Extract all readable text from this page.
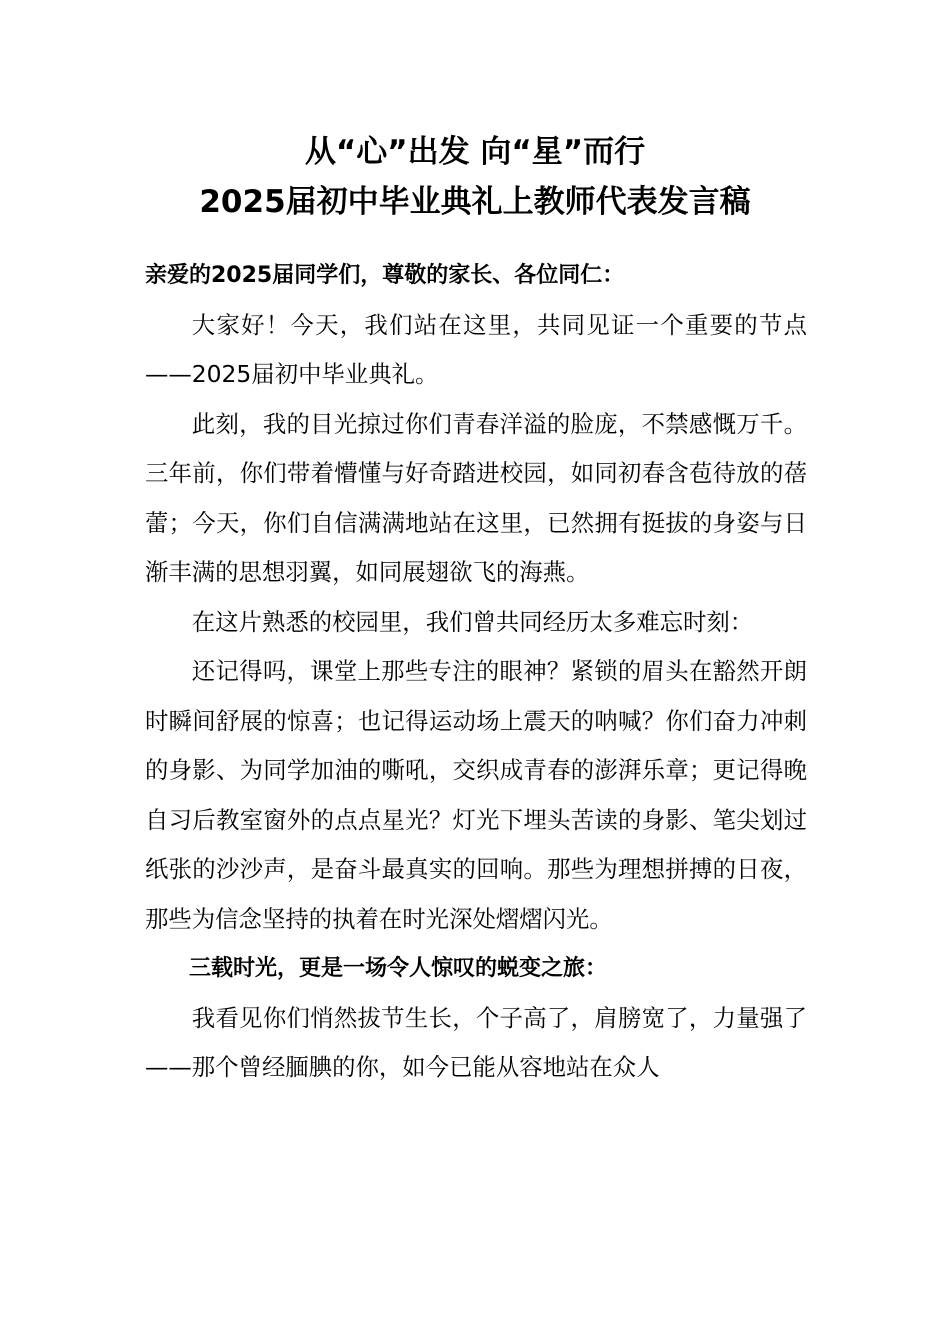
从“心”出发 向“星”而行
2025届初中毕业典礼上教师代表发言稿

亲爱的2025届同学们，尊敬的家长、各位同仁：

大家好！今天，我们站在这里，共同见证一个重要的节点——2025届初中毕业典礼。

此刻，我的目光掠过你们青春洋溢的脸庞，不禁感慨万千。三年前，你们带着懵懂与好奇踏进校园，如同初春含苞待放的蓓蕾；今天，你们自信满满地站在这里，已然拥有挺拔的身姿与日渐丰满的思想羽翼，如同展翅欲飞的海燕。

在这片熟悉的校园里，我们曾共同经历太多难忘时刻：

还记得吗，课堂上那些专注的眼神？紧锁的眉头在豁然开朗时瞬间舒展的惊喜；也记得运动场上震天的呐喊？你们奋力冲刺的身影、为同学加油的嘶吼，交织成青春的澎湃乐章；更记得晚自习后教室窗外的点点星光？灯光下埋头苦读的身影、笔尖划过纸张的沙沙声，是奋斗最真实的回响。那些为理想拼搏的日夜，那些为信念坚持的执着在时光深处熠熠闪光。

三载时光，更是一场令人惊叹的蜕变之旅：

我看见你们悄然拔节生长，个子高了，肩膀宽了，力量强了——那个曾经腼腆的你，如今已能从容地站在众人
